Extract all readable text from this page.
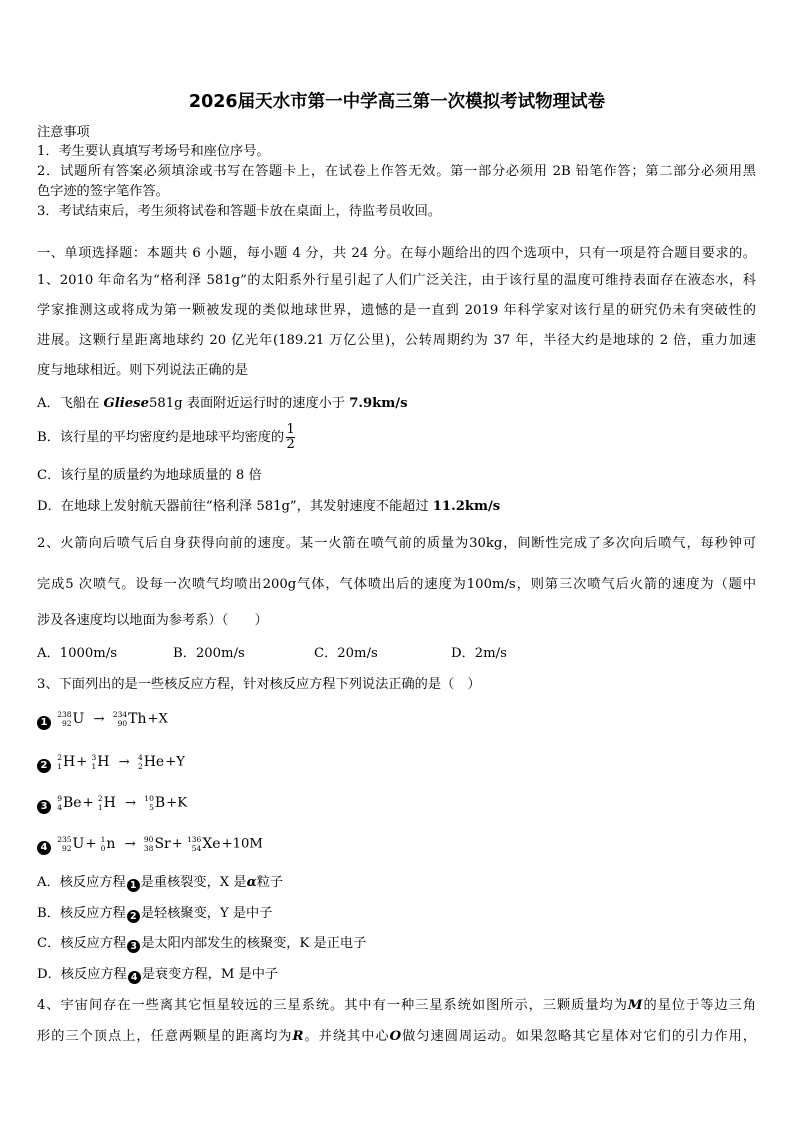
2026届天水市第一中学高三第一次模拟考试物理试卷
注意事项
1．考生要认真填写考场号和座位序号。
2．试题所有答案必须填涂或书写在答题卡上，在试卷上作答无效。第一部分必须用 2B 铅笔作答；第二部分必须用黑
色字迹的签字笔作答。
3．考试结束后，考生须将试卷和答题卡放在桌面上，待监考员收回。
一、单项选择题：本题共 6 小题，每小题 4 分，共 24 分。在每小题给出的四个选项中，只有一项是符合题目要求的。
1、2010 年命名为“格利泽 581g”的太阳系外行星引起了人们广泛关注，由于该行星的温度可维持表面存在液态水，科
学家推测这或将成为第一颗被发现的类似地球世界，遗憾的是一直到 2019 年科学家对该行星的研究仍未有突破性的
进展。这颗行星距离地球约 20 亿光年(189.21 万亿公里)，公转周期约为 37 年，半径大约是地球的 2 倍，重力加速
度与地球相近。则下列说法正确的是
A．飞船在 Gliese581g 表面附近运行时的速度小于 7.9km/s
B．该行星的平均密度约是地球平均密度的 $\frac{1}{2}$
C．该行星的质量约为地球质量的 8 倍
D．在地球上发射航天器前往“格利泽 581g”，其发射速度不能超过 11.2km/s
2、火箭向后喷气后自身获得向前的速度。某一火箭在喷气前的质量为30kg，间断性完成了多次向后喷气，每秒钟可
完成5 次喷气。设每一次喷气均喷出200g气体，气体喷出后的速度为100m/s，则第三次喷气后火箭的速度为（题中
涉及各速度均以地面为参考系）（　　）
A．1000m/s	B．200m/s	C．20m/s	D．2m/s
3、下面列出的是一些核反应方程，针对核反应方程下列说法正确的是（　）
1
238
92 U → 234
90 Th+X
2
2
1 H+ 3
1 H → 4
2 He+Y
3
9
4 Be+ 2
1 H → 10
5 B+K
4
235
92 U+ 1
0 n → 90
38 Sr+ 136
54 Xe+10M
A．核反应方程 1 是重核裂变，X 是α粒子
B．核反应方程 2 是轻核聚变，Y 是中子
C．核反应方程 3 是太阳内部发生的核聚变，K 是正电子
D．核反应方程 4 是衰变方程，M 是中子
4、宇宙间存在一些离其它恒星较远的三星系统。其中有一种三星系统如图所示，三颗质量均为M的星位于等边三角
形的三个顶点上，任意两颗星的距离均为R。并绕其中心O做匀速圆周运动。如果忽略其它星体对它们的引力作用，
